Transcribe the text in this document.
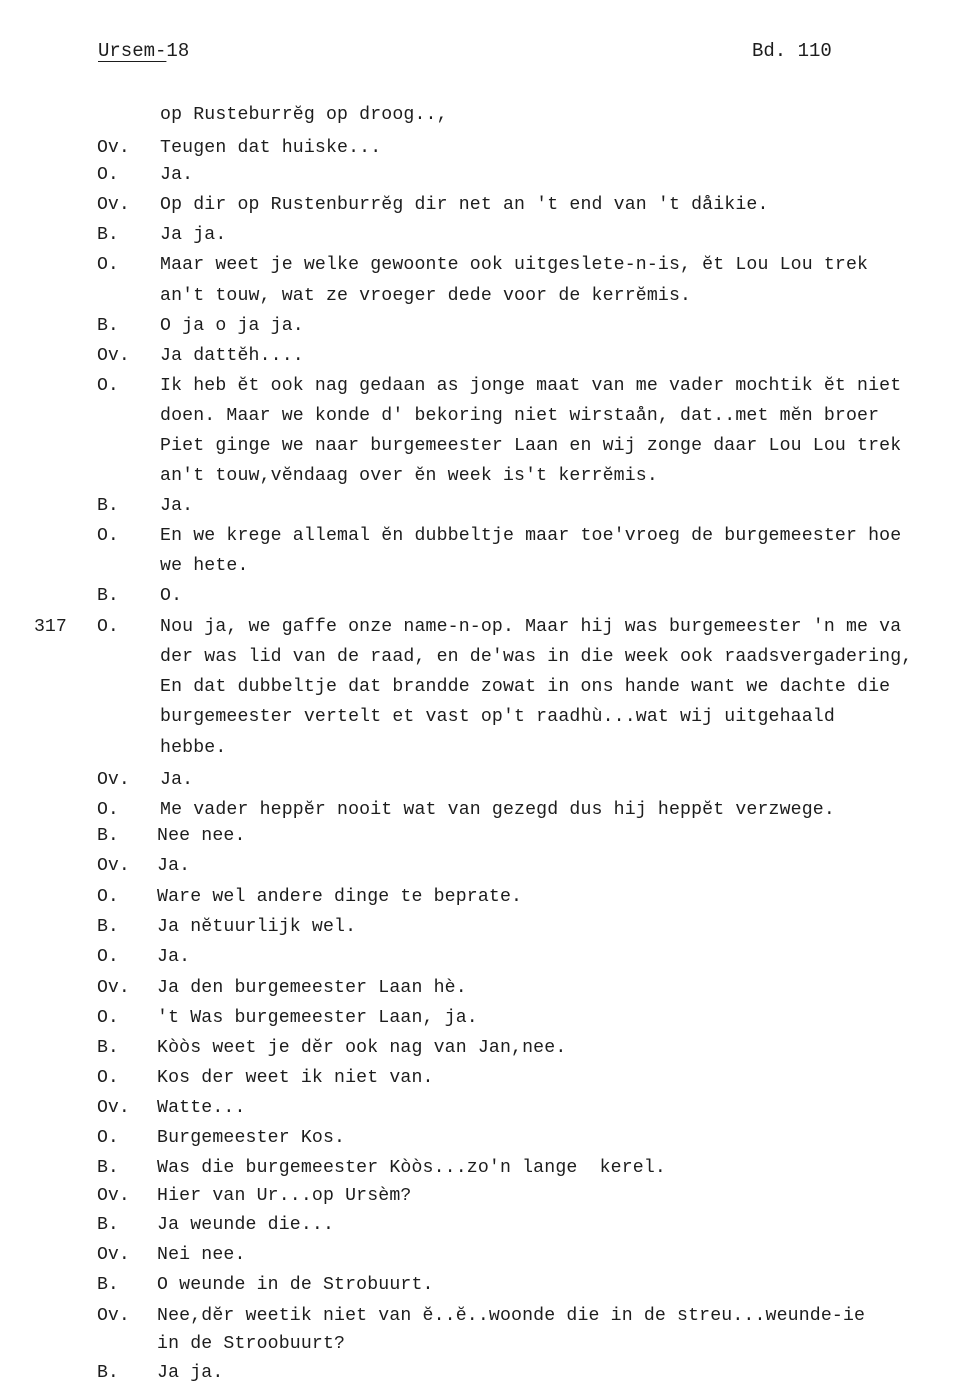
Ursem-18	Bd. 110
op Rusteburrĕg op droog..,
Ov. Teugen dat huiske...
O. Ja.
Ov. Op dir op Rustenburrĕg dir net an 't end van 't dåikie.
B. Ja ja.
O. Maar weet je welke gewoonte ook uitgeslete-n-is, ĕt Lou Lou trek
an't touw, wat ze vroeger dede voor de kerrĕmis.
B. O ja o ja ja.
Ov. Ja dattĕh....
O. Ik heb ĕt ook nag gedaan as jonge maat van me vader mochtik ĕt niet
doen. Maar we konde d' bekoring niet wirstaån, dat..met mĕn broer
Piet ginge we naar burgemeester Laan en wij zonge daar Lou Lou trek
an't touw,vĕndaag over ĕn week is't kerrĕmis.
B. Ja.
O. En we krege allemal ĕn dubbeltje maar toe'vroeg de burgemeester hoe
we hete.
B. O.
317 O. Nou ja, we gaffe onze name-n-op. Maar hij was burgemeester 'n me va
der was lid van de raad, en de'was in die week ook raadsvergadering,
En dat dubbeltje dat brandde zowat in ons hande want we dachte die
burgemeester vertelt et vast op't raadhù...wat wij uitgehaald
hebbe.
Ov. Ja.
O. Me vader heppĕr nooit wat van gezegd dus hij heppĕt verzwege.
B. Nee nee.
Ov. Ja.
O. Ware wel andere dinge te beprate.
B. Ja nĕtuurlijk wel.
O. Ja.
Ov. Ja den burgemeester Laan hè.
O. 't Was burgemeester Laan, ja.
B. Kòòs weet je dĕr ook nag van Jan,nee.
O. Kos der weet ik niet van.
Ov. Watte...
O. Burgemeester Kos.
B. Was die burgemeester Kòòs...zo'n lange  kerel.
Ov. Hier van Ur...op Ursèm?
B. Ja weunde die...
Ov. Nei nee.
B. O weunde in de Strobuurt.
Ov. Nee,dĕr weetik niet van ĕ..ĕ..woonde die in de streu...weunde-ie
in de Stroobuurt?
B. Ja ja.
